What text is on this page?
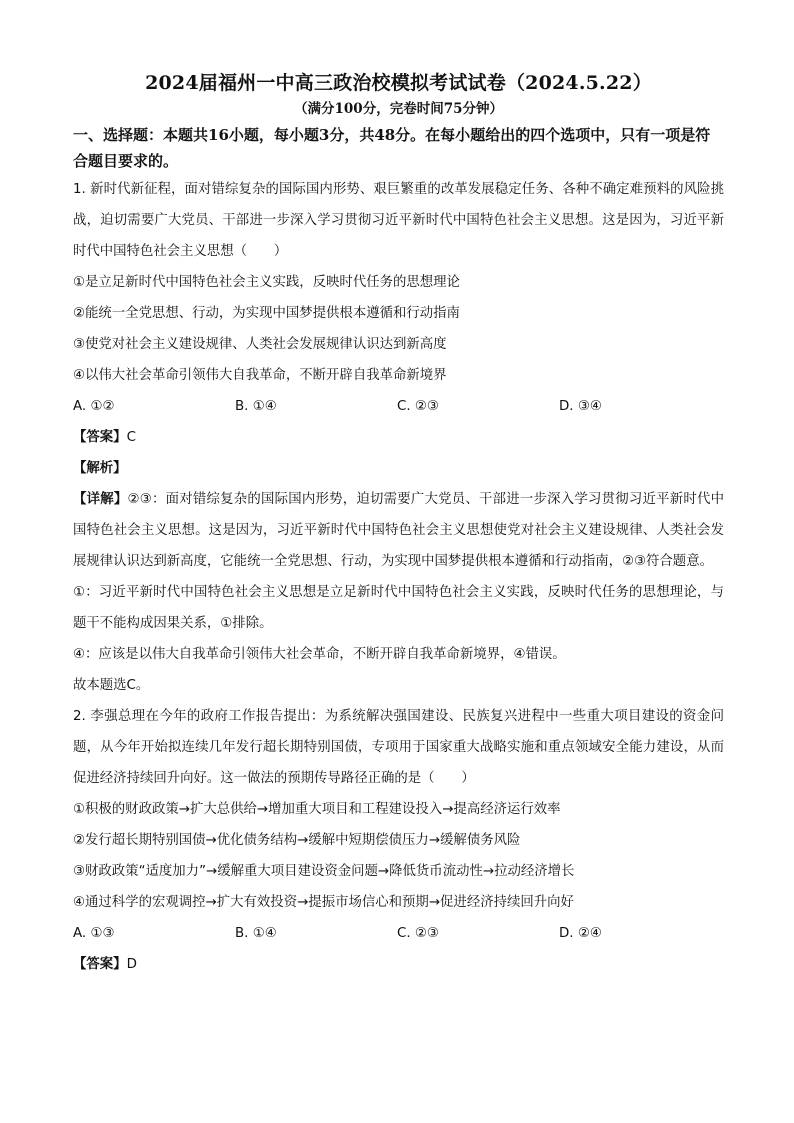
2024届福州一中高三政治校模拟考试试卷（2024.5.22）
（满分100分，完卷时间75分钟）
一、选择题：本题共16小题，每小题3分，共48分。在每小题给出的四个选项中，只有一项是符合题目要求的。

1. 新时代新征程，面对错综复杂的国际国内形势、艰巨繁重的改革发展稳定任务、各种不确定难预料的风险挑战，迫切需要广大党员、干部进一步深入学习贯彻习近平新时代中国特色社会主义思想。这是因为，习近平新时代中国特色社会主义思想（　　）

①是立足新时代中国特色社会主义实践，反映时代任务的思想理论

②能统一全党思想、行动，为实现中国梦提供根本遵循和行动指南

③使党对社会主义建设规律、人类社会发展规律认识达到新高度

④以伟大社会革命引领伟大自我革命，不断开辟自我革命新境界

A. ①②	B. ①④	C. ②③	D. ③④

【答案】C

【解析】

【详解】②③：面对错综复杂的国际国内形势，迫切需要广大党员、干部进一步深入学习贯彻习近平新时代中国特色社会主义思想。这是因为，习近平新时代中国特色社会主义思想使党对社会主义建设规律、人类社会发展规律认识达到新高度，它能统一全党思想、行动，为实现中国梦提供根本遵循和行动指南，②③符合题意。

①：习近平新时代中国特色社会主义思想是立足新时代中国特色社会主义实践，反映时代任务的思想理论，与题干不能构成因果关系，①排除。

④：应该是以伟大自我革命引领伟大社会革命，不断开辟自我革命新境界，④错误。

故本题选C。

2. 李强总理在今年的政府工作报告提出：为系统解决强国建设、民族复兴进程中一些重大项目建设的资金问题，从今年开始拟连续几年发行超长期特别国债，专项用于国家重大战略实施和重点领域安全能力建设，从而促进经济持续回升向好。这一做法的预期传导路径正确的是（　　）

①积极的财政政策→扩大总供给→增加重大项目和工程建设投入→提高经济运行效率

②发行超长期特别国债→优化债务结构→缓解中短期偿债压力→缓解债务风险

③财政政策“适度加力”→缓解重大项目建设资金问题→降低货币流动性→拉动经济增长

④通过科学的宏观调控→扩大有效投资→提振市场信心和预期→促进经济持续回升向好

A. ①③	B. ①④	C. ②③	D. ②④

【答案】D
